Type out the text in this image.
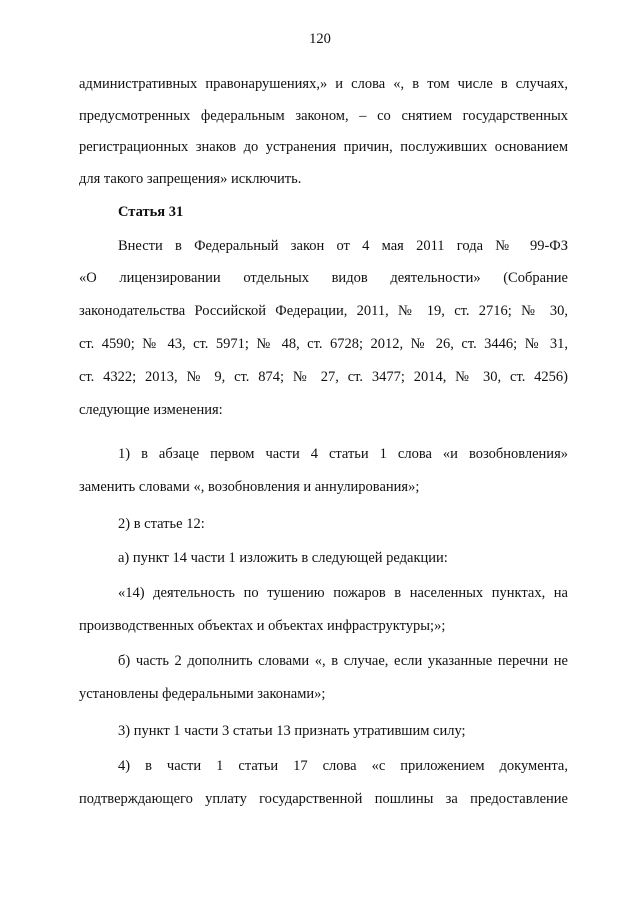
120
административных правонарушениях,» и слова «, в том числе в случаях,
предусмотренных федеральным законом, – со снятием государственных
регистрационных знаков до устранения причин, послуживших основанием
для такого запрещения» исключить.
Статья 31
Внести в Федеральный закон от 4 мая 2011 года № 99-ФЗ
«О лицензировании отдельных видов деятельности» (Собрание
законодательства Российской Федерации, 2011, № 19, ст. 2716; № 30,
ст. 4590; № 43, ст. 5971; № 48, ст. 6728; 2012, № 26, ст. 3446; № 31,
ст. 4322; 2013, № 9, ст. 874; № 27, ст. 3477; 2014, № 30, ст. 4256)
следующие изменения:
1) в абзаце первом части 4 статьи 1 слова «и возобновления»
заменить словами «, возобновления и аннулирования»;
2) в статье 12:
а) пункт 14 части 1 изложить в следующей редакции:
«14) деятельность по тушению пожаров в населенных пунктах, на
производственных объектах и объектах инфраструктуры;»;
б) часть 2 дополнить словами «, в случае, если указанные перечни не
установлены федеральными законами»;
3) пункт 1 части 3 статьи 13 признать утратившим силу;
4) в части 1 статьи 17 слова «с приложением документа,
подтверждающего уплату государственной пошлины за предоставление
